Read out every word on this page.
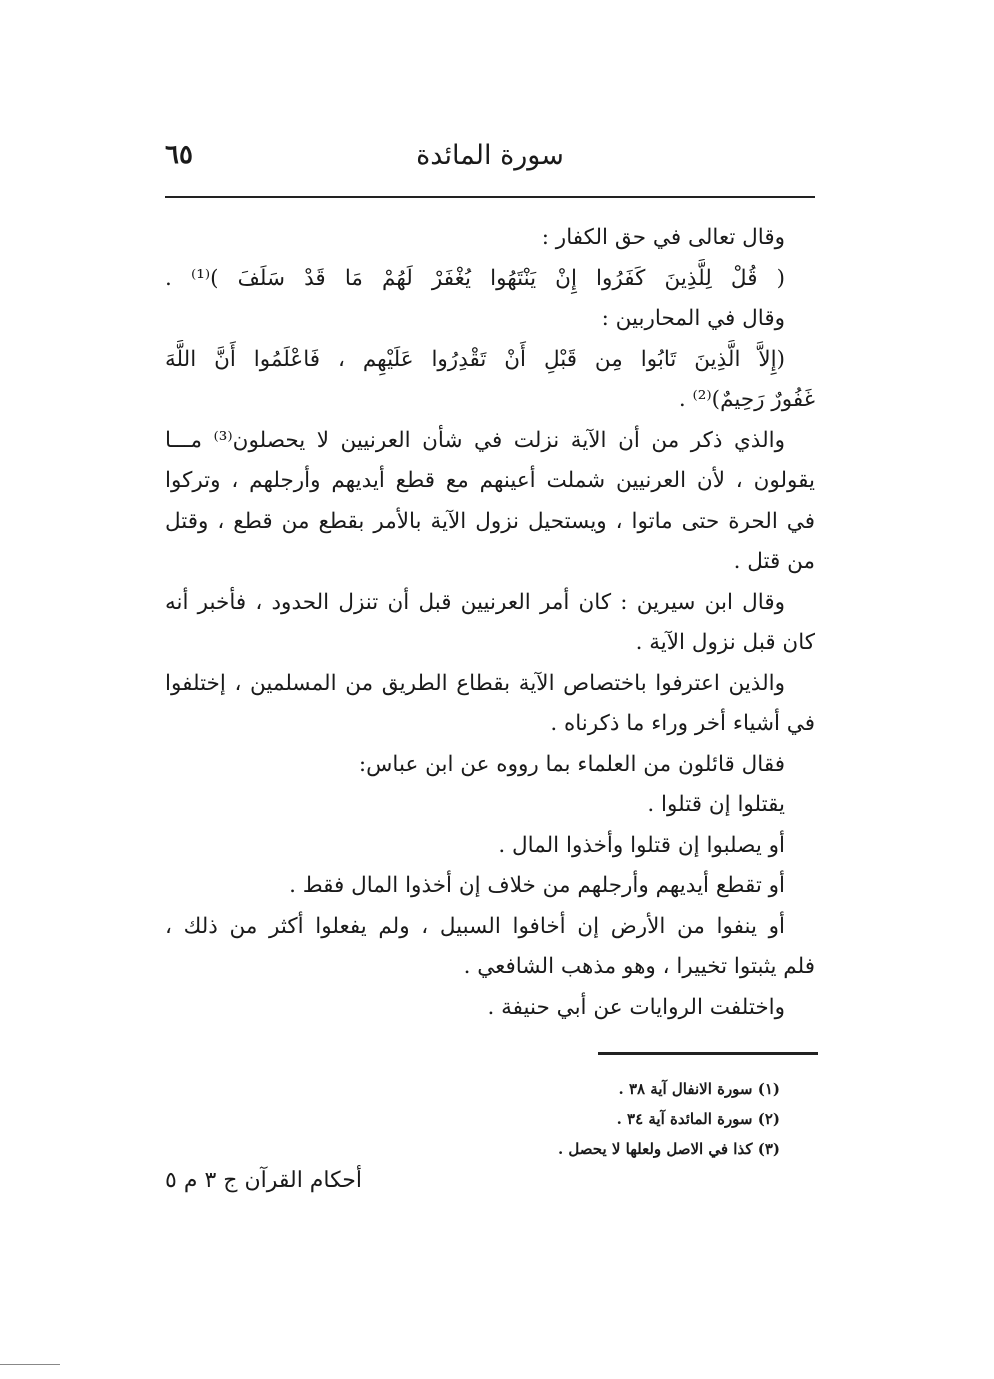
٦٥	سورة المائدة
وقال تعالى في حق الكفار :
( قُلْ لِلَّذِينَ كَفَرُوا إِنْ يَنْتَهُوا يُغْفَرْ لَهُمْ مَا قَدْ سَلَفَ )⁽¹⁾ .
وقال في المحاربين :
(إِلاَّ الَّذِينَ تَابُوا مِن قَبْلِ أَنْ تَقْدِرُوا عَلَيْهِم ، فَاعْلَمُوا أَنَّ اللَّهَ
غَفُورٌ رَحِيمٌ)⁽²⁾ .
والذي ذكر من أن الآية نزلت في شأن العرنيين لا يحصلون⁽³⁾ مـــا
يقولون ، لأن العرنيين شملت أعينهم مع قطع أيديهم وأرجلهم ، وتركوا
في الحرة حتى ماتوا ، ويستحيل نزول الآية بالأمر بقطع من قطع ، وقتل
من قتل .
وقال ابن سيرين : كان أمر العرنيين قبل أن تنزل الحدود ، فأخبر أنه
كان قبل نزول الآية .
والذين اعترفوا باختصاص الآية بقطاع الطريق من المسلمين ، إختلفوا
في أشياء أخر وراء ما ذكرناه .
فقال قائلون من العلماء بما رووه عن ابن عباس:
يقتلوا إن قتلوا .
أو يصلبوا إن قتلوا وأخذوا المال .
أو تقطع أيديهم وأرجلهم من خلاف إن أخذوا المال فقط .
أو ينفوا من الأرض إن أخافوا السبيل ، ولم يفعلوا أكثر من ذلك ،
فلم يثبتوا تخييرا ، وهو مذهب الشافعي .
واختلفت الروايات عن أبي حنيفة .
(١) سورة الانفال آية ٣٨ .
(٢) سورة المائدة آية ٣٤ .
(٣) كذا في الاصل ولعلها لا يحصل .
أحكام القرآن ج ٣ م ٥
